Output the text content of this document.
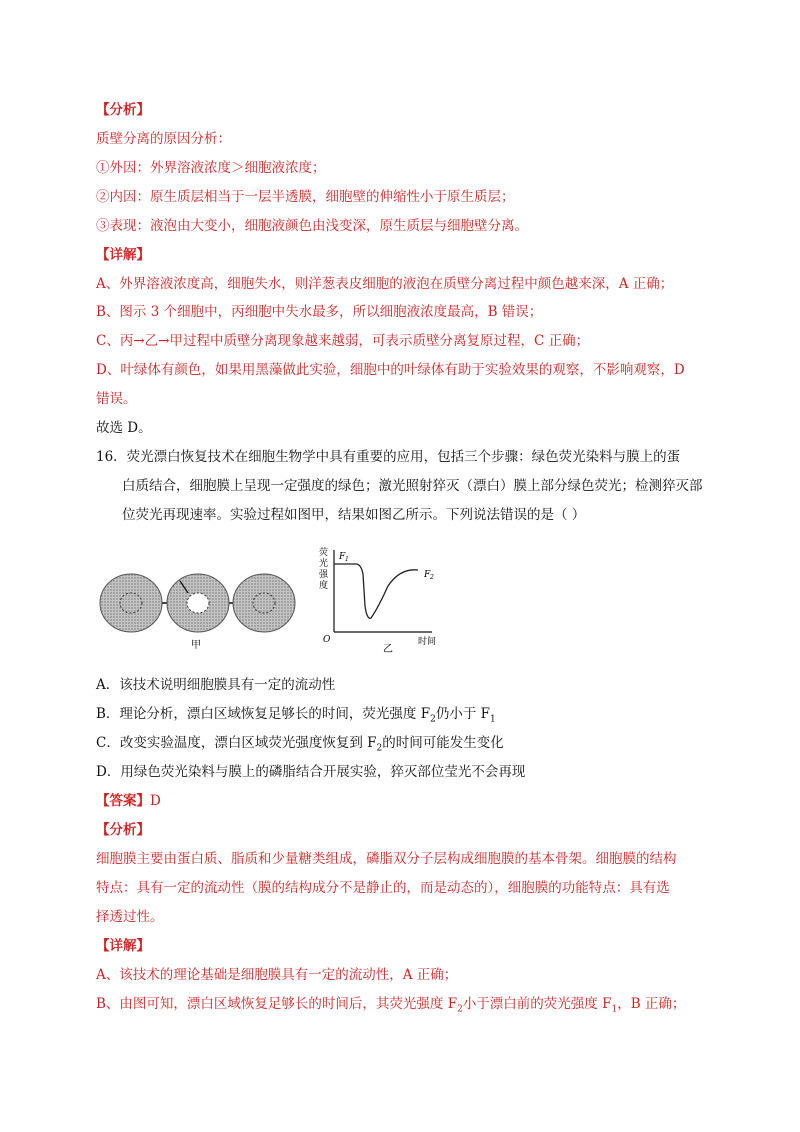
【分析】
质壁分离的原因分析：
①外因：外界溶液浓度＞细胞液浓度；
②内因：原生质层相当于一层半透膜，细胞壁的伸缩性小于原生质层；
③表现：液泡由大变小，细胞液颜色由浅变深，原生质层与细胞壁分离。
【详解】
A、外界溶液浓度高，细胞失水，则洋葱表皮细胞的液泡在质壁分离过程中颜色越来深，A 正确；
B、图示 3 个细胞中，丙细胞中失水最多，所以细胞液浓度最高，B 错误；
C、丙→乙→甲过程中质壁分离现象越来越弱，可表示质壁分离复原过程，C 正确；
D、叶绿体有颜色，如果用黑藻做此实验，细胞中的叶绿体有助于实验效果的观察，不影响观察，D
错误。
故选 D。
16．荧光漂白恢复技术在细胞生物学中具有重要的应用，包括三个步骤：绿色荧光染料与膜上的蛋
白质结合，细胞膜上呈现一定强度的绿色；激光照射猝灭（漂白）膜上部分绿色荧光；检测猝灭部
位荧光再现速率。实验过程如图甲，结果如图乙所示。下列说法错误的是（ ）
甲
荧
光
强
度
O	时间
F 1
F 2
乙
A．该技术说明细胞膜具有一定的流动性
B．理论分析，漂白区域恢复足够长的时间，荧光强度 $F_2$仍小于 $F_1$
C．改变实验温度，漂白区域荧光强度恢复到 $F_2$的时间可能发生变化
D．用绿色荧光染料与膜上的磷脂结合开展实验，猝灭部位莹光不会再现
【答案】D
【分析】
细胞膜主要由蛋白质、脂质和少量糖类组成，磷脂双分子层构成细胞膜的基本骨架。细胞膜的结构
特点：具有一定的流动性（膜的结构成分不是静止的，而是动态的），细胞膜的功能特点：具有选
择透过性。
【详解】
A、该技术的理论基础是细胞膜具有一定的流动性，A 正确；
B、由图可知，漂白区域恢复足够长的时间后，其荧光强度 $F_2$小于漂白前的荧光强度 $F_1$，B 正确；
